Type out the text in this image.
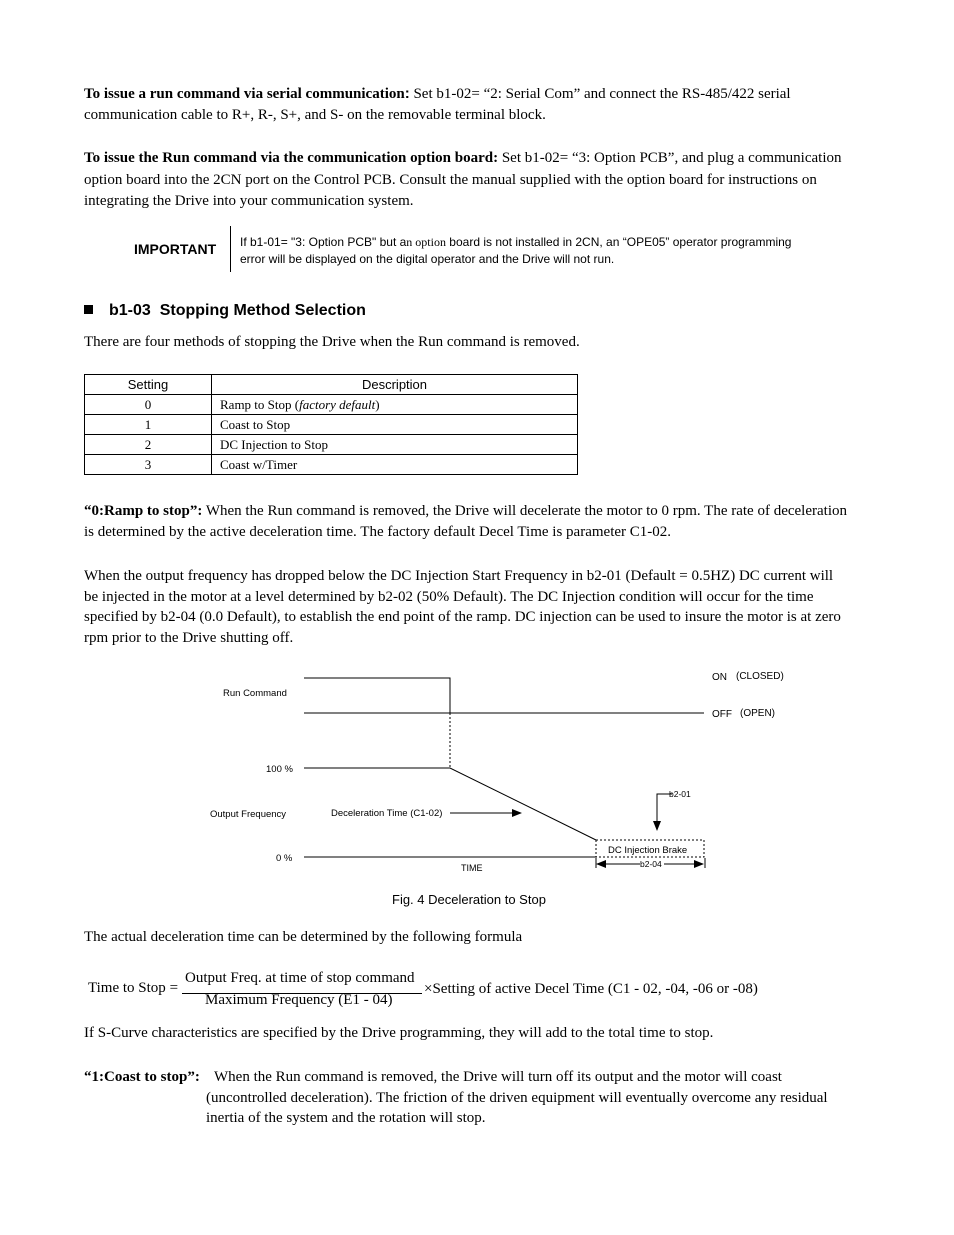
To issue a run command via serial communication: Set b1-02= “2: Serial Com” and connect the RS-485/422 serial
communication cable to R+, R-, S+, and S- on the removable terminal block.
To issue the Run command via the communication option board: Set b1-02= “3: Option PCB”, and plug a communication
option board into the 2CN port on the Control PCB. Consult the manual supplied with the option board for instructions on
integrating the Drive into your communication system.
IMPORTANT If b1-01= "3: Option PCB" but an option board is not installed in 2CN, an “OPE05” operator programming
error will be displayed on the digital operator and the Drive will not run.
b1-03 Stopping Method Selection
There are four methods of stopping the Drive when the Run command is removed.
Setting	Description
0	Ramp to Stop (factory default)
1	Coast to Stop
2	DC Injection to Stop
3	Coast w/Timer
“0:Ramp to stop”: When the Run command is removed, the Drive will decelerate the motor to 0 rpm. The rate of deceleration
is determined by the active deceleration time. The factory default Decel Time is parameter C1-02.
When the output frequency has dropped below the DC Injection Start Frequency in b2-01 (Default = 0.5HZ) DC current will
be injected in the motor at a level determined by b2-02 (50% Default). The DC Injection condition will occur for the time
specified by b2-04 (0.0 Default), to establish the end point of the ramp. DC injection can be used to insure the motor is at zero
rpm prior to the Drive shutting off.
ON (CLOSED)
OFF (OPEN)
Run Command
100 %
Output Frequency
0 %
Deceleration Time (C1-02)
b2-01
DC Injection Brake
b2-04
TIME
Fig. 4 Deceleration to Stop
The actual deceleration time can be determined by the following formula
Time to Stop =
Output Freq. at time of stop command
Maximum Frequency (E1 - 04)
×Setting of active Decel Time (C1 - 02, -04, -06 or -08)
If S-Curve characteristics are specified by the Drive programming, they will add to the total time to stop.
“1:Coast to stop”: When the Run command is removed, the Drive will turn off its output and the motor will coast
(uncontrolled deceleration). The friction of the driven equipment will eventually overcome any residual
inertia of the system and the rotation will stop.
